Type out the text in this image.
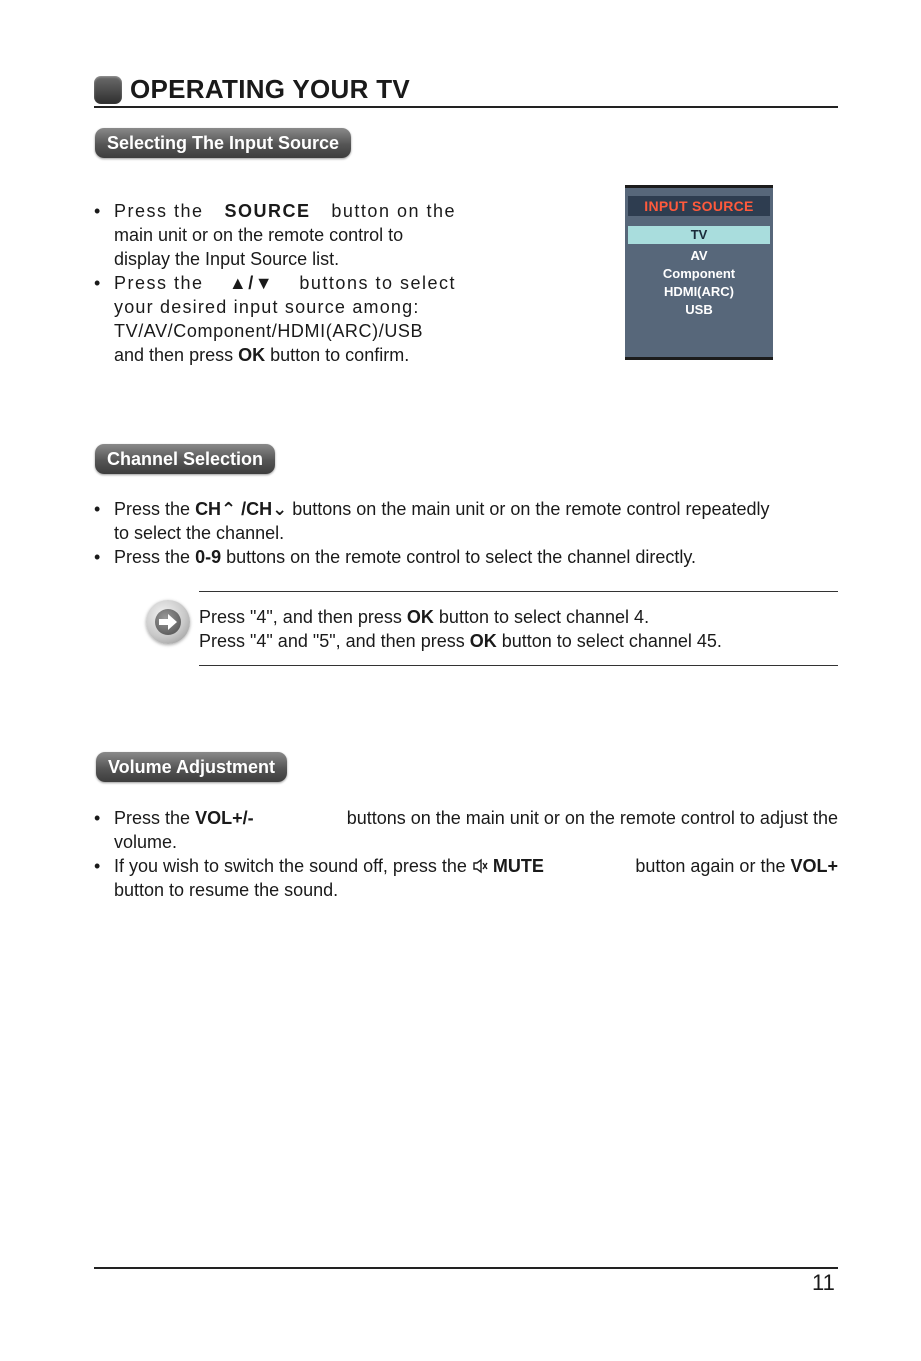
OPERATING YOUR TV
Selecting The Input Source
• Press the SOURCE button on the
main unit or on the remote control to
display the Input Source list.
• Press the ▲/▼ buttons to select
your desired input source among:
TV/AV/Component/HDMI(ARC)/USB
and then press OK button to confirm.
INPUT SOURCE
TV
AV
Component
HDMI(ARC)
USB
Channel Selection
• Press the CH⌃ /CH⌄ buttons on the main unit or on the remote control repeatedly
to select the channel.
• Press the 0-9 buttons on the remote control to select the channel directly.
Press "4", and then press OK button to select channel 4.
Press "4" and "5", and then press OK button to select channel 45.
Volume Adjustment
• Press the VOL+/-	buttons on the main unit or on the remote control to adjust the
volume.
• If you wish to switch the sound off, press the MUTE	button again or the VOL+
button to resume the sound.
11
